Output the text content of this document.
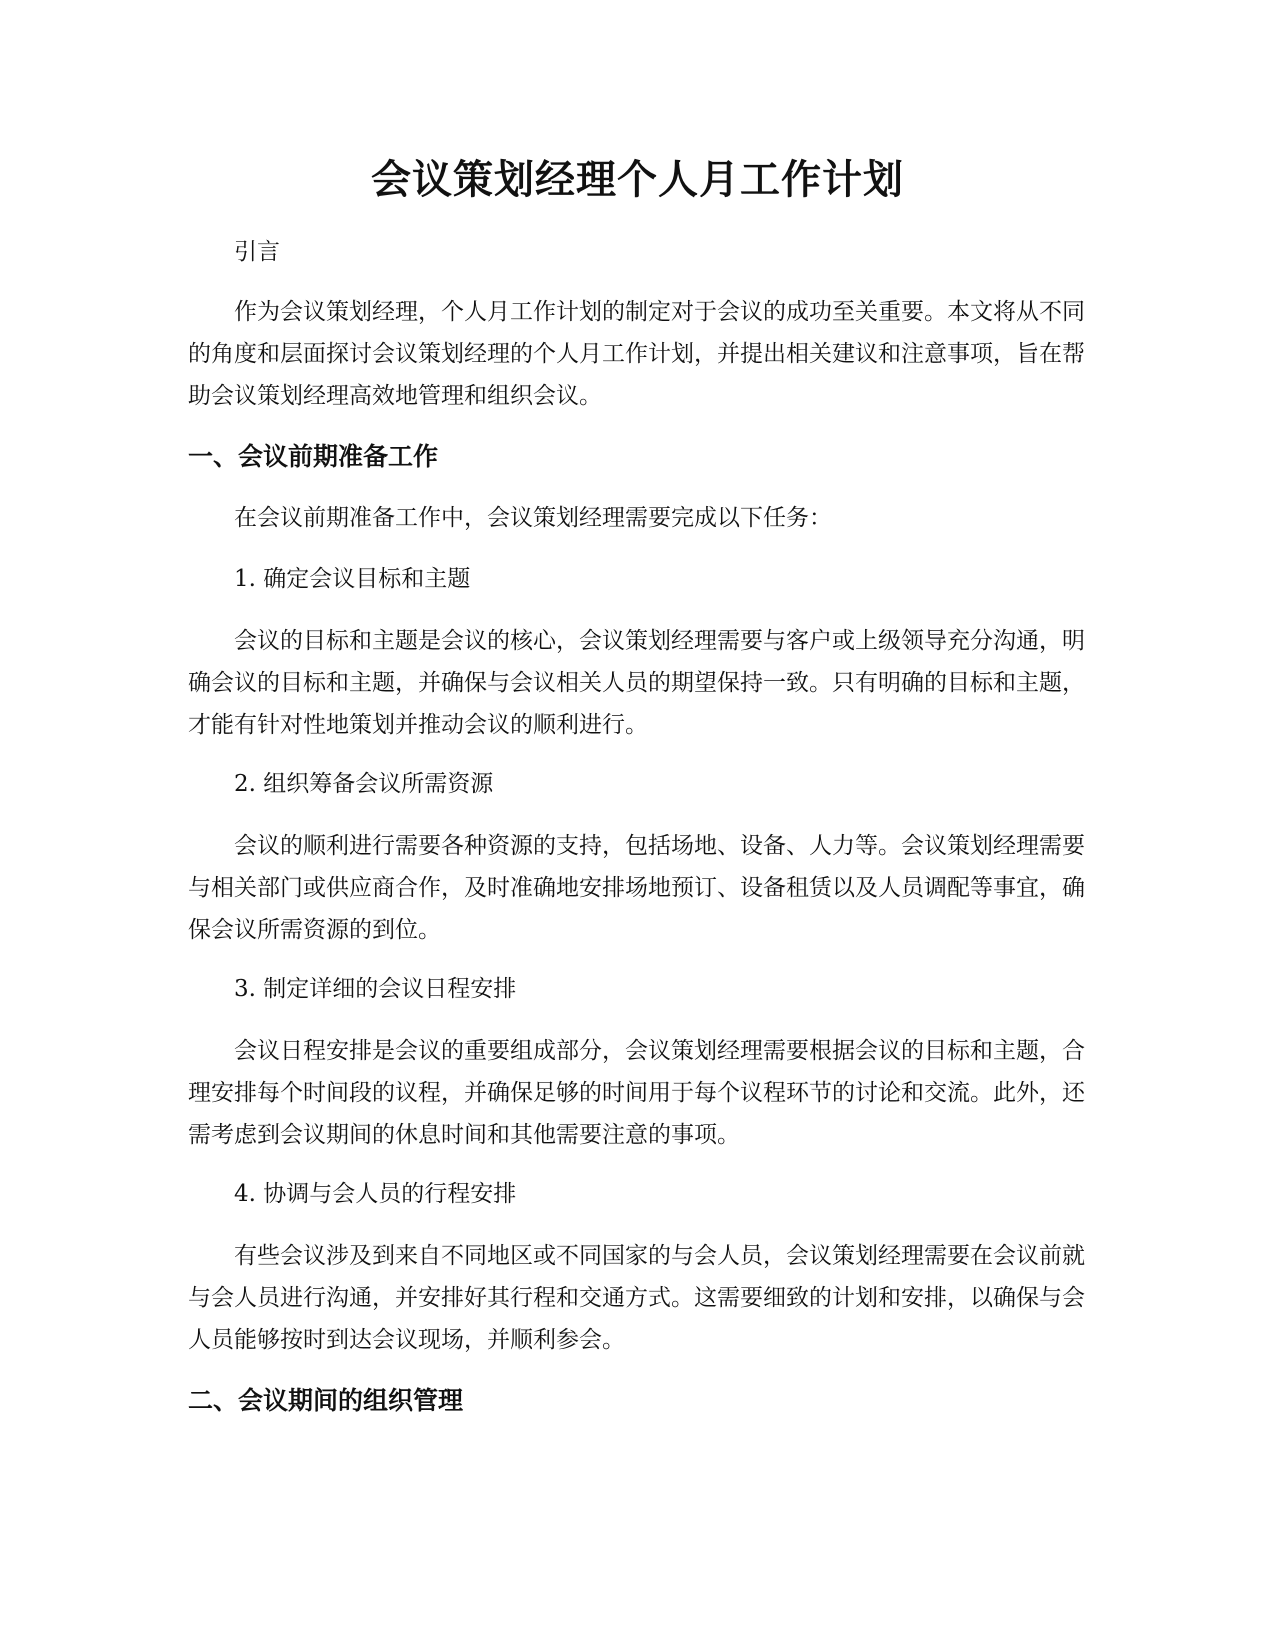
会议策划经理个人月工作计划

引言

作为会议策划经理，个人月工作计划的制定对于会议的成功至关重要。本文将从不同的角度和层面探讨会议策划经理的个人月工作计划，并提出相关建议和注意事项，旨在帮助会议策划经理高效地管理和组织会议。

一、会议前期准备工作

在会议前期准备工作中，会议策划经理需要完成以下任务：

1. 确定会议目标和主题

会议的目标和主题是会议的核心，会议策划经理需要与客户或上级领导充分沟通，明确会议的目标和主题，并确保与会议相关人员的期望保持一致。只有明确的目标和主题，才能有针对性地策划并推动会议的顺利进行。

2. 组织筹备会议所需资源

会议的顺利进行需要各种资源的支持，包括场地、设备、人力等。会议策划经理需要与相关部门或供应商合作，及时准确地安排场地预订、设备租赁以及人员调配等事宜，确保会议所需资源的到位。

3. 制定详细的会议日程安排

会议日程安排是会议的重要组成部分，会议策划经理需要根据会议的目标和主题，合理安排每个时间段的议程，并确保足够的时间用于每个议程环节的讨论和交流。此外，还需考虑到会议期间的休息时间和其他需要注意的事项。

4. 协调与会人员的行程安排

有些会议涉及到来自不同地区或不同国家的与会人员，会议策划经理需要在会议前就与会人员进行沟通，并安排好其行程和交通方式。这需要细致的计划和安排，以确保与会人员能够按时到达会议现场，并顺利参会。

二、会议期间的组织管理
